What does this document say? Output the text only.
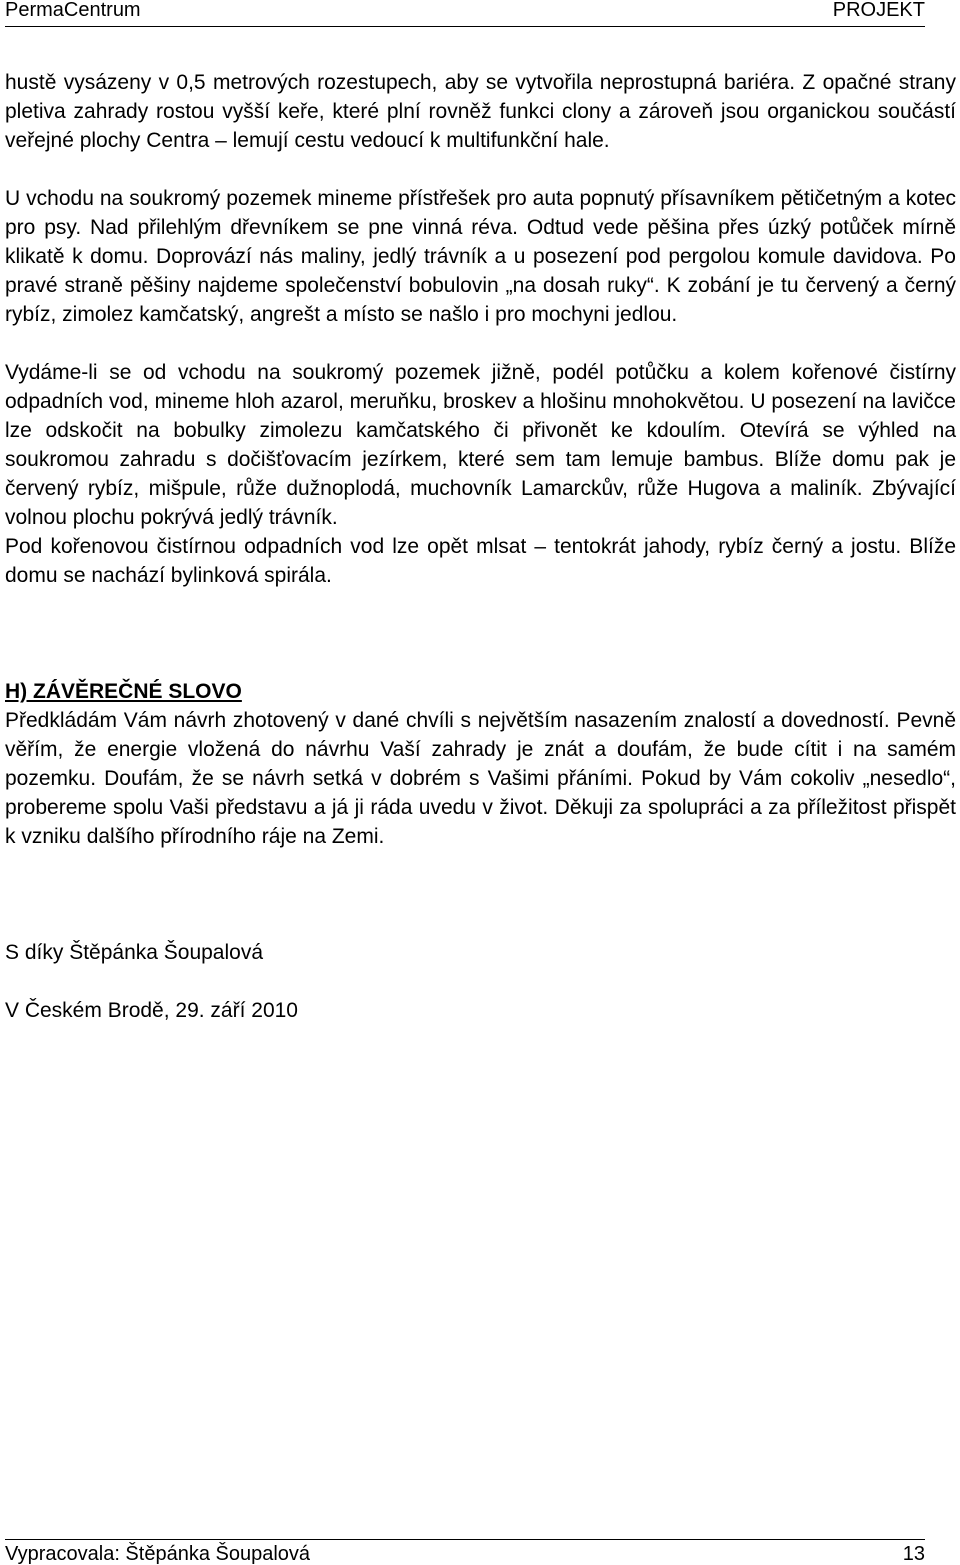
PermaCentrum	PROJEKT

hustě vysázeny v 0,5 metrových rozestupech, aby se vytvořila neprostupná bariéra. Z opačné strany pletiva zahrady rostou vyšší keře, které plní rovněž funkci clony a zároveň jsou organickou součástí veřejné plochy Centra – lemují cestu vedoucí k multifunkční hale.

U vchodu na soukromý pozemek mineme přístřešek pro auta popnutý přísavníkem pětičetným a kotec pro psy. Nad přilehlým dřevníkem se pne vinná réva. Odtud vede pěšina přes úzký potůček mírně klikatě k domu. Doprovází nás maliny, jedlý trávník a u posezení pod pergolou komule davidova. Po pravé straně pěšiny najdeme společenství bobulovin „na dosah ruky“. K zobání je tu červený a černý rybíz, zimolez kamčatský, angrešt a místo se našlo i pro mochyni jedlou.

Vydáme-li se od vchodu na soukromý pozemek jižně, podél potůčku a kolem kořenové čistírny odpadních vod, mineme hloh azarol, meruňku, broskev a hlošinu mnohokvětou. U posezení na lavičce lze odskočit na bobulky zimolezu kamčatského či přivonět ke kdoulím. Otevírá se výhled na soukromou zahradu s dočišťovacím jezírkem, které sem tam lemuje bambus. Blíže domu pak je červený rybíz, mišpule, růže dužnoplodá, muchovník Lamarckův, růže Hugova a maliník. Zbývající volnou plochu pokrývá jedlý trávník.

Pod kořenovou čistírnou odpadních vod lze opět mlsat – tentokrát jahody, rybíz černý a jostu. Blíže domu se nachází bylinková spirála.

H) ZÁVĚREČNÉ SLOVO

Předkládám Vám návrh zhotovený v dané chvíli s největším nasazením znalostí a dovedností. Pevně věřím, že energie vložená do návrhu Vaší zahrady je znát a doufám, že bude cítit i na samém pozemku. Doufám, že se návrh setká v dobrém s Vašimi přáními. Pokud by Vám cokoliv „nesedlo“, probereme spolu Vaši představu a já ji ráda uvedu v život. Děkuji za spolupráci a za příležitost přispět k vzniku dalšího přírodního ráje na Zemi.

S díky Štěpánka Šoupalová

V Českém Brodě, 29. září 2010

Vypracovala: Štěpánka Šoupalová	13
